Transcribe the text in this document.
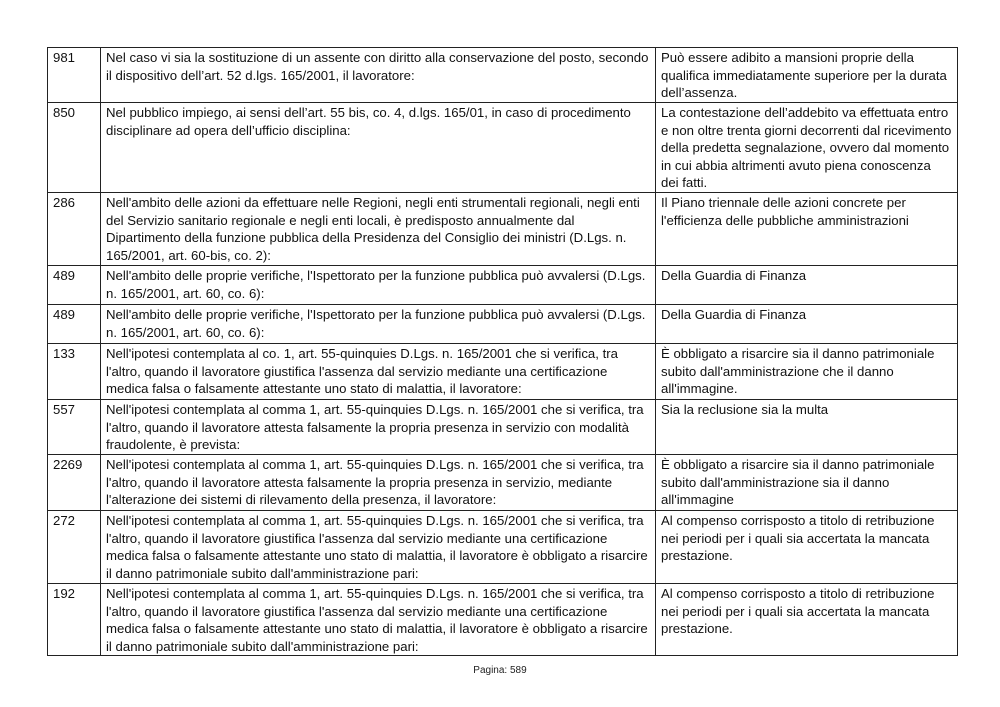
981	Nel caso vi sia la sostituzione di un assente con diritto alla conservazione del posto, secondo il dispositivo dell’art. 52 d.lgs. 165/2001, il lavoratore:	Può essere adibito a mansioni proprie della qualifica immediatamente superiore per la durata dell’assenza.
850	Nel pubblico impiego, ai sensi dell’art. 55 bis, co. 4, d.lgs. 165/01, in caso di procedimento disciplinare ad opera dell’ufficio disciplina:	La contestazione dell’addebito va effettuata entro e non oltre trenta giorni decorrenti dal ricevimento della predetta segnalazione, ovvero dal momento in cui abbia altrimenti avuto piena conoscenza dei fatti.
286	Nell'ambito delle azioni da effettuare nelle Regioni, negli enti strumentali regionali, negli enti del Servizio sanitario regionale e negli enti locali, è predisposto annualmente dal Dipartimento della funzione pubblica della Presidenza del Consiglio dei ministri (D.Lgs. n. 165/2001, art. 60-bis, co. 2):	Il Piano triennale delle azioni concrete per l'efficienza delle pubbliche amministrazioni
489	Nell'ambito delle proprie verifiche, l'Ispettorato per la funzione pubblica può avvalersi (D.Lgs. n. 165/2001, art. 60, co. 6):	Della Guardia di Finanza
489	Nell'ambito delle proprie verifiche, l'Ispettorato per la funzione pubblica può avvalersi (D.Lgs. n. 165/2001, art. 60, co. 6):	Della Guardia di Finanza
133	Nell'ipotesi contemplata al co. 1, art. 55-quinquies D.Lgs. n. 165/2001 che si verifica, tra l'altro, quando il lavoratore giustifica l'assenza dal servizio mediante una certificazione medica falsa o falsamente attestante uno stato di malattia, il lavoratore:	È obbligato a risarcire sia il danno patrimoniale subito dall'amministrazione che il danno all'immagine.
557	Nell'ipotesi contemplata al comma 1, art. 55-quinquies D.Lgs. n. 165/2001 che si verifica, tra l'altro, quando il lavoratore attesta falsamente la propria presenza in servizio con modalità fraudolente, è prevista:	Sia la reclusione sia la multa
2269	Nell'ipotesi contemplata al comma 1, art. 55-quinquies D.Lgs. n. 165/2001 che si verifica, tra l'altro, quando il lavoratore attesta falsamente la propria presenza in servizio, mediante l'alterazione dei sistemi di rilevamento della presenza, il lavoratore:	È obbligato a risarcire sia il danno patrimoniale subito dall'amministrazione sia il danno all'immagine
272	Nell'ipotesi contemplata al comma 1, art. 55-quinquies D.Lgs. n. 165/2001 che si verifica, tra l'altro, quando il lavoratore giustifica l'assenza dal servizio mediante una certificazione medica falsa o falsamente attestante uno stato di malattia, il lavoratore è obbligato a risarcire il danno patrimoniale subito dall'amministrazione pari:	Al compenso corrisposto a titolo di retribuzione nei periodi per i quali sia accertata la mancata prestazione.
192	Nell'ipotesi contemplata al comma 1, art. 55-quinquies D.Lgs. n. 165/2001 che si verifica, tra l'altro, quando il lavoratore giustifica l'assenza dal servizio mediante una certificazione medica falsa o falsamente attestante uno stato di malattia, il lavoratore è obbligato a risarcire il danno patrimoniale subito dall'amministrazione pari:	Al compenso corrisposto a titolo di retribuzione nei periodi per i quali sia accertata la mancata prestazione.
Pagina: 589
